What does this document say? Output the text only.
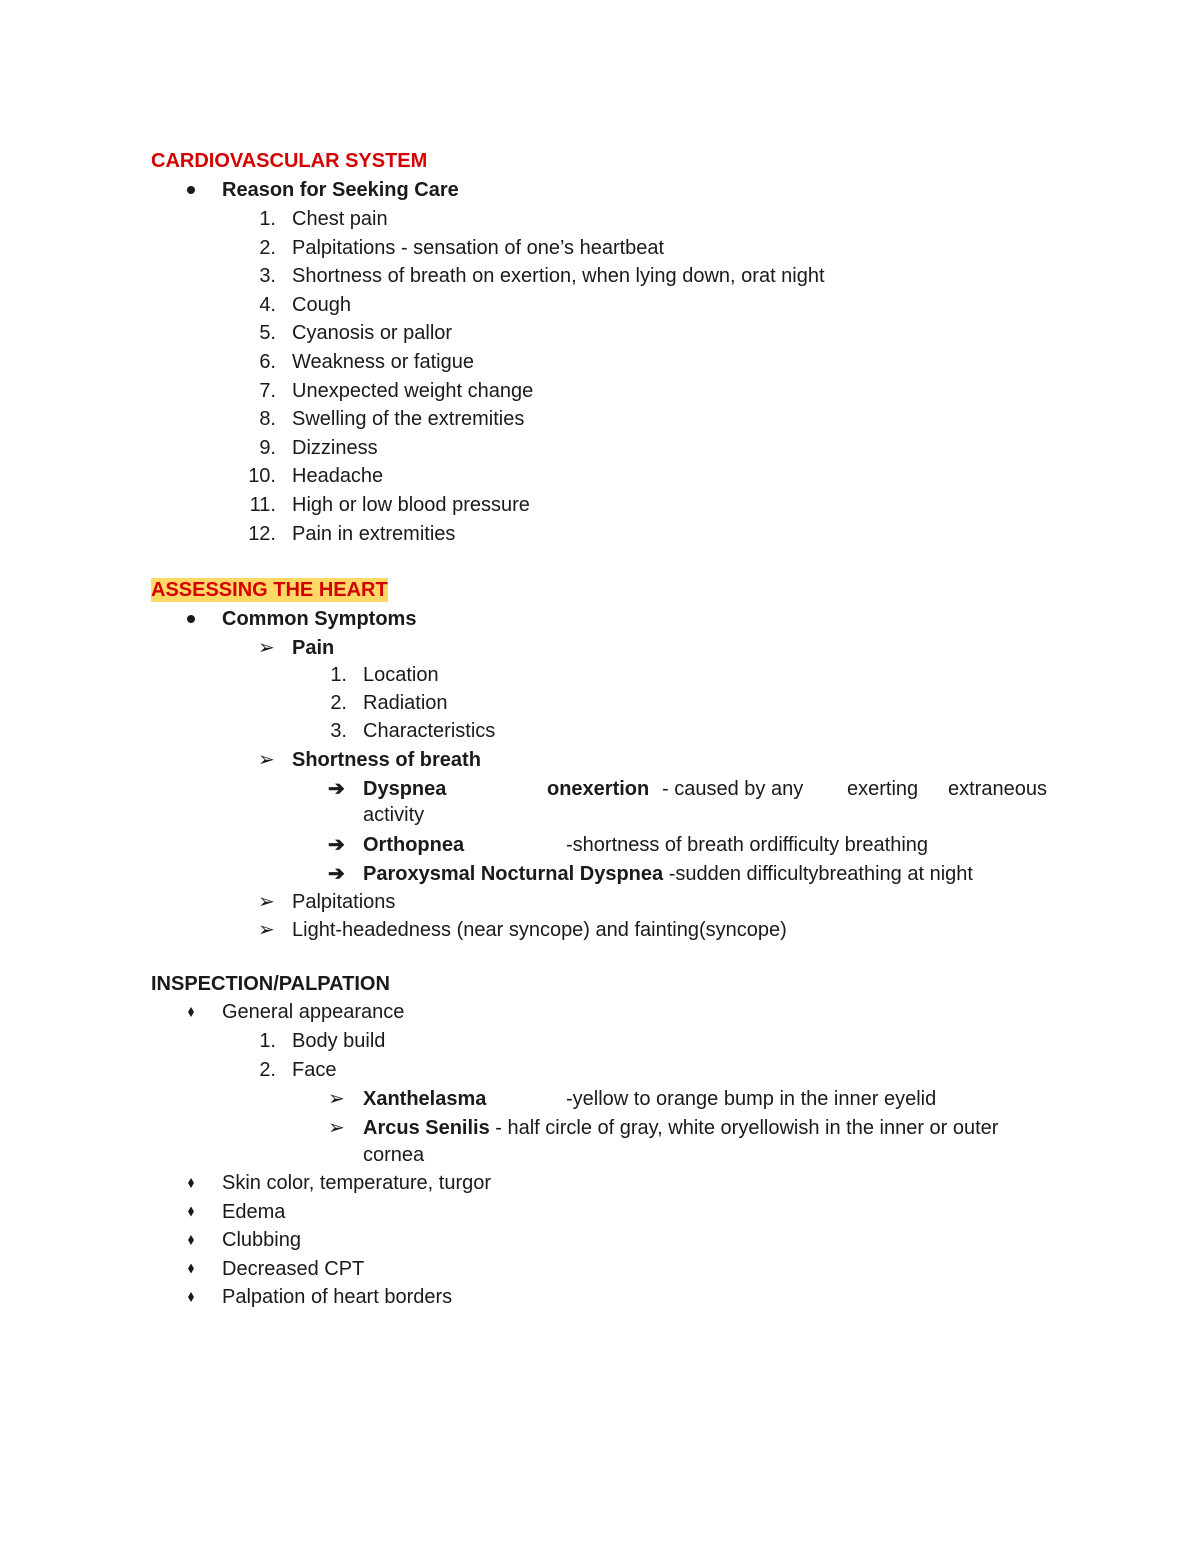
CARDIOVASCULAR SYSTEM
Reason for Seeking Care
1. Chest pain
2. Palpitations - sensation of one’s heartbeat
3. Shortness of breath on exertion, when lying down, orat night
4. Cough
5. Cyanosis or pallor
6. Weakness or fatigue
7. Unexpected weight change
8. Swelling of the extremities
9. Dizziness
10. Headache
11. High or low blood pressure
12. Pain in extremities
ASSESSING THE HEART
Common Symptoms
➢ Pain
1. Location
2. Radiation
3. Characteristics
➢ Shortness of breath
➔ Dyspnea	onexertion - caused by any exerting extraneous
activity
➔ Orthopnea	-shortness of breath ordifficulty breathing
➔ Paroxysmal Nocturnal Dyspnea -sudden difficultybreathing at night
➢ Palpitations
➢ Light-headedness (near syncope) and fainting(syncope)
INSPECTION/PALPATION
General appearance
1. Body build
2. Face
➢ Xanthelasma	-yellow to orange bump in the inner eyelid
➢ Arcus Senilis - half circle of gray, white oryellowish in the inner or outer
cornea
Skin color, temperature, turgor
Edema
Clubbing
Decreased CPT
Palpation of heart borders
